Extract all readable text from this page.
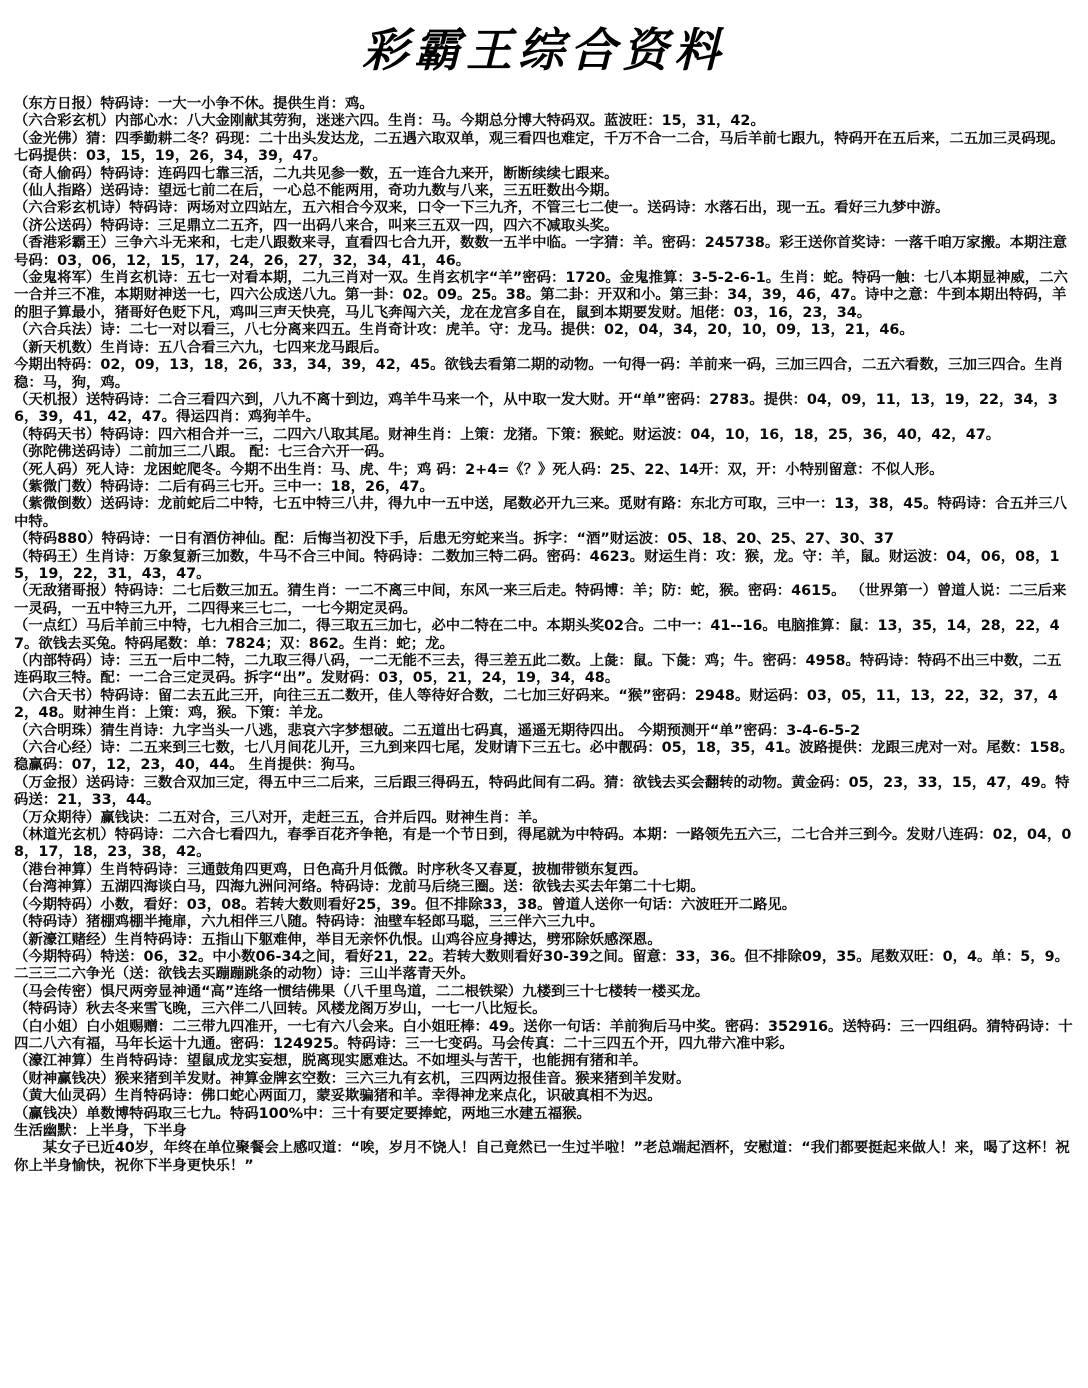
彩霸王综合资料

（东方日报）特码诗：一大一小争不休。提供生肖：鸡。

（六合彩玄机）内部心水：八大金刚献其劳狗，迷迷六四。生肖：马。今期总分博大特码双。蓝波旺：15，31，42。

（金光佛）猜：四季勤耕二冬？码现：二十出头发达龙，二五遇六取双单，观三看四也难定，千万不合一二合，马后羊前七跟九，特码开在五后来，二五加三灵码现。七码提供：03，15，19，26，34，39，47。

（奇人偷码）特码诗：连码四七靠三活，二九共见参一数，五一连合九来开，断断续续七跟来。

（仙人指路）送码诗：望远七前二在后，一心总不能两用，奇功九数与八来，三五旺数出今期。

（六合彩玄机诗）特码诗：两场对立四站左，五六相合今双来，口令一下三九齐，不管三七二使一。送码诗：水落石出，现一五。看好三九梦中游。

（济公送码）特码诗：三足鼎立二五齐，四一出码八来合，叫来三五双一四，四六不减取头奖。

（香港彩霸王）三争六斗无来和，七走八跟数来寻，直看四七合九开，数数一五半中临。一字猜：羊。密码：245738。彩王送你首奖诗：一落千咱万家搬。本期注意号码：03，06，12，15，17，24，26，27，32，34，41，46。

（金鬼将军）生肖玄机诗：五七一对看本期，二九三肖对一双。生肖玄机字“羊”密码：1720。金鬼推算：3-5-2-6-1。生肖：蛇。特码一触：七八本期显神威，二六一合并三不准，本期财神送一七，四六公成送八九。第一卦：02。09。25。38。第二卦：开双和小。第三卦：34，39，46，47。诗中之意：牛到本期出特码，羊的胆子算最小，猪哥好色贬下凡，鸡叫三声天快亮，马儿飞奔闯六关，龙在龙宫多自在，鼠到本期要发财。旭佬：03，16，23，34。

（六合兵法）诗：二七一对以看三，八七分离来四五。生肖奇计攻：虎羊。守：龙马。提供：02，04，34，20，10，09，13，21，46。

（新天机数）生肖诗：五八合看三六九，七四来龙马跟后。

今期出特码：02，09，13，18，26，33，34，39，42，45。欲钱去看第二期的动物。一句得一码：羊前来一码，三加三四合，二五六看数，三加三四合。生肖稳：马，狗，鸡。

（天机报）送特码诗：二合三看四六到，八九不离十到边，鸡羊牛马来一个，从中取一发大财。开“单”密码：2783。提供：04，09，11，13，19，22，34，36，39，41，42，47。得运四肖：鸡狗羊牛。

（特码天书）特码诗：四六相合并一三，二四六八取其尾。财神生肖：上策：龙猪。下策：猴蛇。财运波：04，10，16，18，25，36，40，42，47。

（弥陀佛送码诗）二前加三二八跟。 配：七三合六开一码。

（死人码）死人诗：龙困蛇爬冬。今期不出生肖：马、虎、牛；鸡 码：2+4=《？》死人码：25、22、14开：双，开：小特别留意：不似人形。

（紫微门数）特码诗：二后有码三七开。三中一：18，26，47。

（紫微倒数）送码诗：龙前蛇后二中特，七五中特三八井，得九中一五中送，尾数必开九三来。觅财有路：东北方可取，三中一：13，38，45。特码诗：合五并三八中特。

（特码880）特码诗：一日有酒仿神仙。配：后悔当初没下手，后患无穷蛇来当。拆字：“酒”财运波：05、18、20、25、27、30、37

（特码王）生肖诗：万象复新三加数，牛马不合三中间。特码诗：二数加三特二码。密码：4623。财运生肖：攻：猴，龙。守：羊，鼠。财运波：04，06，08，15，19，22，31，43，47。

（无敌猪哥报）特码诗：二七后数三加五。猜生肖：一二不离三中间，东风一来三后走。特码博：羊；防：蛇，猴。密码：4615。 （世界第一）曾道人说：二三后来一灵码，一五中特三九开，二四得来三七二，一七今期定灵码。

（一点红）马后羊前三中特，七九相合三加二，得三取五三加七，必中二特在二中。本期头奖02合。二中一：41--16。电脑推算：鼠：13，35，14，28，22，47。欲钱去买兔。特码尾数：单：7824；双：862。生肖：蛇；龙。

（内部特码）诗：三五一后中二特，二九取三得八码，一二无能不三去，得三差五此二数。上彘：鼠。下彘：鸡；牛。密码：4958。特码诗：特码不出三中数，二五连码取三特。配：一二合三定灵码。拆字“出”。发财码：03，05，21，24，19，34，48。

（六合天书）特码诗：留二去五此三开，向往三五二数开，佳人等待好合数，二七加三好码来。“猴”密码：2948。财运码：03，05，11，13，22，32，37，42，48。财神生肖：上策：鸡，猴。下策：羊龙。

（六合明珠）猜生肖诗：九字当头一八逃，悲哀六字梦想破。二五道出七码真，遥遥无期待四出。 今期预测开“单”密码：3-4-6-5-2

（六合心经）诗：二五来到三七数，七八月间花儿开，三九到来四七尾，发财请下三五七。必中靓码：05，18，35，41。波路提供：龙跟三虎对一对。尾数：158。稳赢码：07，12，23，40，44。 生肖提供：狗马。

（万金报）送码诗：三数合双加三定，得五中三二后来，三后跟三得码五，特码此间有二码。猜：欲钱去买会翻转的动物。黄金码：05，23，33，15，47，49。特码送：21，33，44。

（万众期待）赢钱诀：二五对合，三八对开，走赶三五，合并后四。财神生肖：羊。

（林道光玄机）特码诗：二六合七看四九，春季百花齐争艳，有是一个节日到，得尾就为中特码。本期：一路领先五六三，二七合并三到今。发财八连码：02，04，08，17，18，23，38，42。

（港台神算）生肖特码诗：三通鼓角四更鸡，日色高升月低微。时序秋冬又春夏，披枷带锁东复西。

（台湾神算）五湖四海谈白马，四海九洲问河络。特码诗：龙前马后绕三圈。送：欲钱去买去年第二十七期。

（今期特码）小数，看好：03，08。若转大数则看好25，39。但不排除33，38。曾道人送你一句话：六波旺开二路见。

（特码诗）猪棚鸡棚半掩扉，六九相伴三八随。特码诗：油壁车轻郎马聪，三三伴六三九中。

（新濠江赌经）生肖特码诗：五指山下躯难伸，举目无亲怀仇恨。山鸡谷应身搏达，劈邪除妖感深恩。

（今期特码）特送：06，32。中小数06-34之间，看好21，22。若转大数则看好30-39之间。留意：33，36。但不排除09，35。尾数双旺：0，4。单：5，9。二三三二六争光（送：欲钱去买蹦蹦跳条的动物）诗：三山半落青天外。

（马会传密）惧尺两旁显神通“高”连络一惯结佛果（八千里鸟道，二二根铁梁）九楼到三十七楼转一楼买龙。

（特码诗）秋去冬来雪飞晚，三六伴二八回转。风楼龙阁万岁山，一七一八比短长。

（白小姐）白小姐赐赠：二三带九四准开，一七有六八会来。白小姐旺棒：49。送你一句话：羊前狗后马中奖。密码：352916。送特码：三一四组码。猜特码诗：十四二八六有福，马年长运十九通。密码：124925。特码诗：三一七变码。马会传真：二十三四五个开，四九带六准中彩。

（濠江神算）生肖特码诗：望鼠成龙实妄想，脱离现实愿难达。不如埋头与苦干，也能拥有猪和羊。

（财神赢钱决）猴来猪到羊发财。神算金牌玄空数：三六三九有玄机，三四两边报佳音。猴来猪到羊发财。

（黄大仙灵码）生肖特码诗：佛口蛇心两面刀，蒙妥欺骗猪和羊。幸得神龙来点化，识破真相不为迟。

（赢钱决）单数博特码取三七九。特码100%中：三十有要定要捧蛇，两地三水建五福猴。

生活幽默：上半身，下半身

某女子已近40岁，年终在单位聚餐会上感叹道：“唉，岁月不饶人！自己竟然已一生过半啦！”老总端起酒杯，安慰道：“我们都要挺起来做人！来，喝了这杯！祝你上半身愉快，祝你下半身更快乐！”
